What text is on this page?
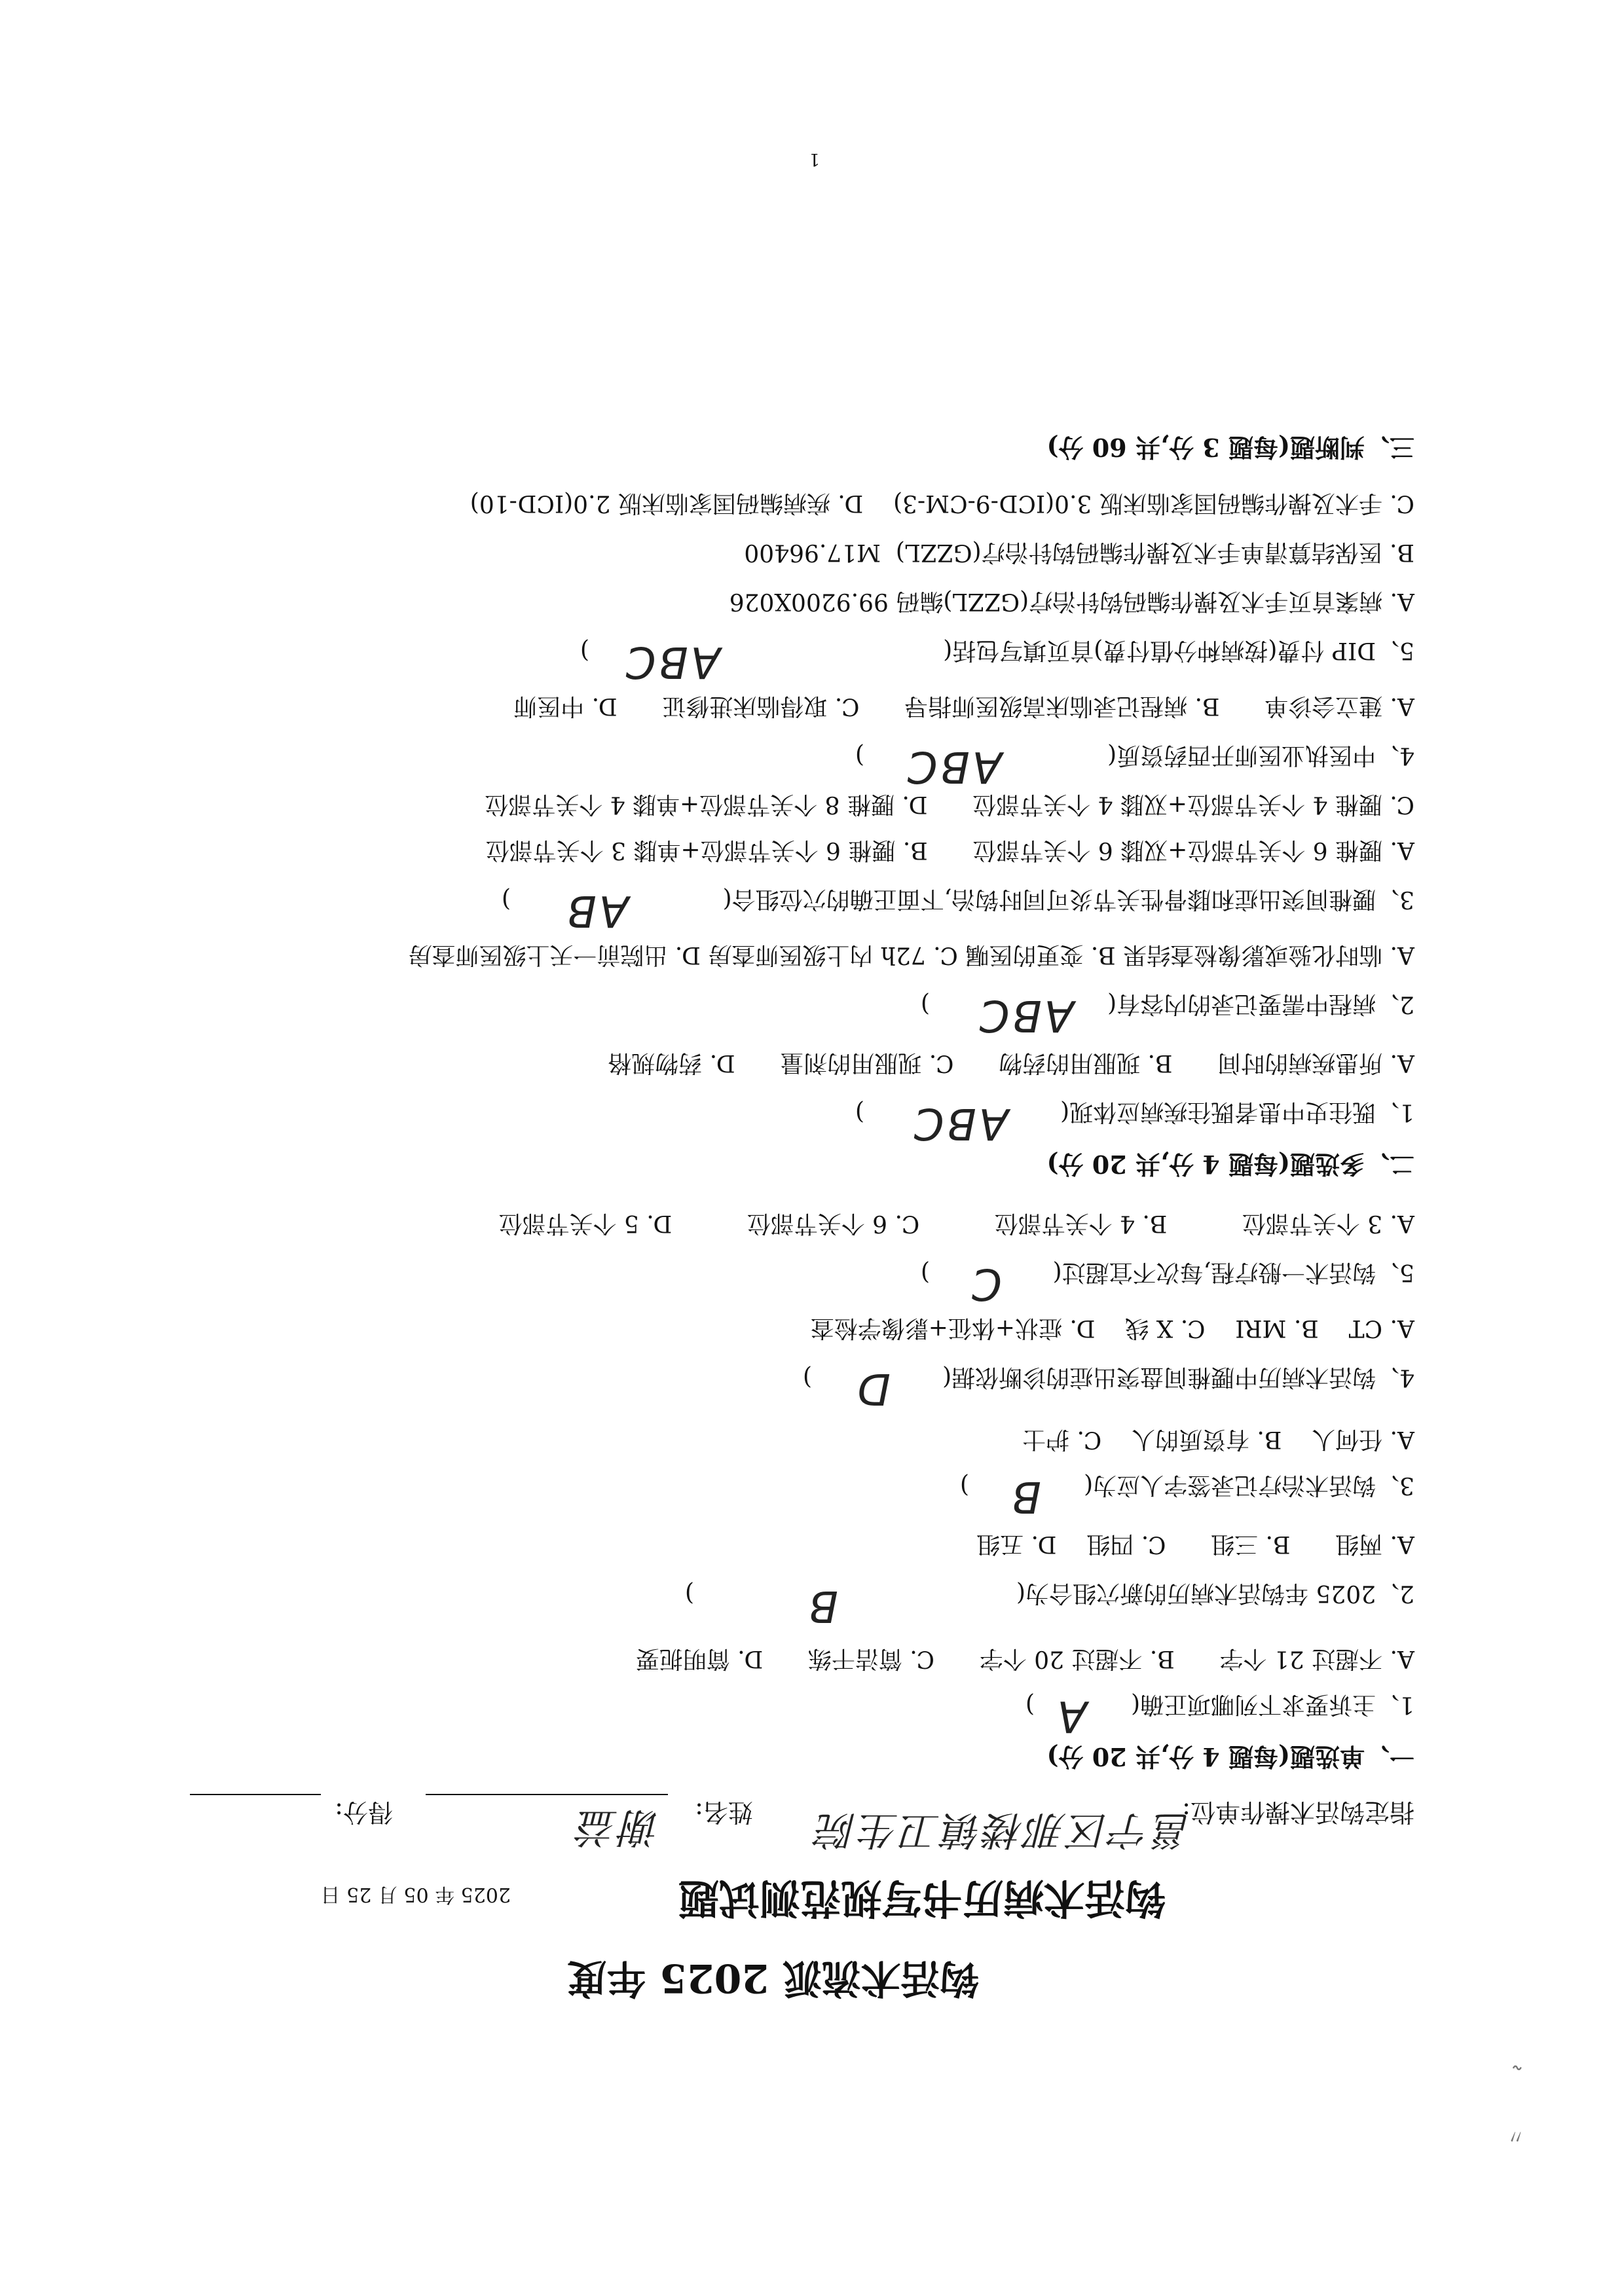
钩活术流派 2025 年度
钩活术病历书写规范测试题
2025 年 05 月 25 日
指定钩活术操作单位:
邕宁区那楼镇卫生院
姓名:
谢益
得分:
一、单选题(每题 4 分,共 20 分)
1、主诉要求下列哪项正确(
A
)
A. 不超过 21 个字      B. 不超过 20 个字      C. 简洁干练      D. 简明扼要
2、2025 年钩活术病历的新穴组合为(
B
)
A. 两组      B. 三组      C. 四组    D. 五组
3、钩活术治疗记录签字人应为(
B
)
A. 任何人    B. 有资质的人    C. 护士
4、钩活术病历中腰椎间盘突出症的诊断依据(
D
)
A. CT    B. MRI    C. X 线    D. 症状+体征+影像学检查
5、钩活术一般疗程,每次不宜超过(
C
)
A. 3 个关节部位          B. 4 个关节部位          C. 6 个关节部位          D. 5 个关节部位
二、多选题(每题 4 分,共 20 分)
1、既往史中患者既往疾病应体现(
ABC
)
A. 所患疾病的时间      B. 现服用的药物      C. 现服用的剂量      D. 药物规格
2、病程中需要记录的内容有(
ABC
)
A. 临时化验或影像检查结果 B. 变更的医嘱 C. 72h 内上级医师查房 D. 出院前一天上级医师查房
3、腰椎间突出症和膝骨性关节炎可同时钩治,下面正确的穴位组合(
AB
)
A. 腰椎 6 个关节部位+双膝 6 个关节部位      B. 腰椎 6 个关节部位+单膝 3 个关节部位
C. 腰椎 4 个关节部位+双膝 4 个关节部位      D. 腰椎 8 个关节部位+单膝 4 个关节部位
4、中医执业医师开西药资质(
ABC
)
A. 建立会诊单      B. 病程记录临床高级医师指导      C. 取得临床进修证      D. 中医师
5、DIP 付费(按病种分值付费)首页填写包括(
ABC
)
A. 病案首页手术及操作编码钩针治疗(GZZL)编码 99.9200X026
B. 医保结算清单手术及操作编码钩针治疗(GZZL)  M17.96400
C. 手术及操作编码国家临床版 3.0(ICD-9-CM-3)    D. 疾病编码国家临床版 2.0(ICD-10)
三、判断题(每题 3 分,共 60 分)
1
˜
〃
